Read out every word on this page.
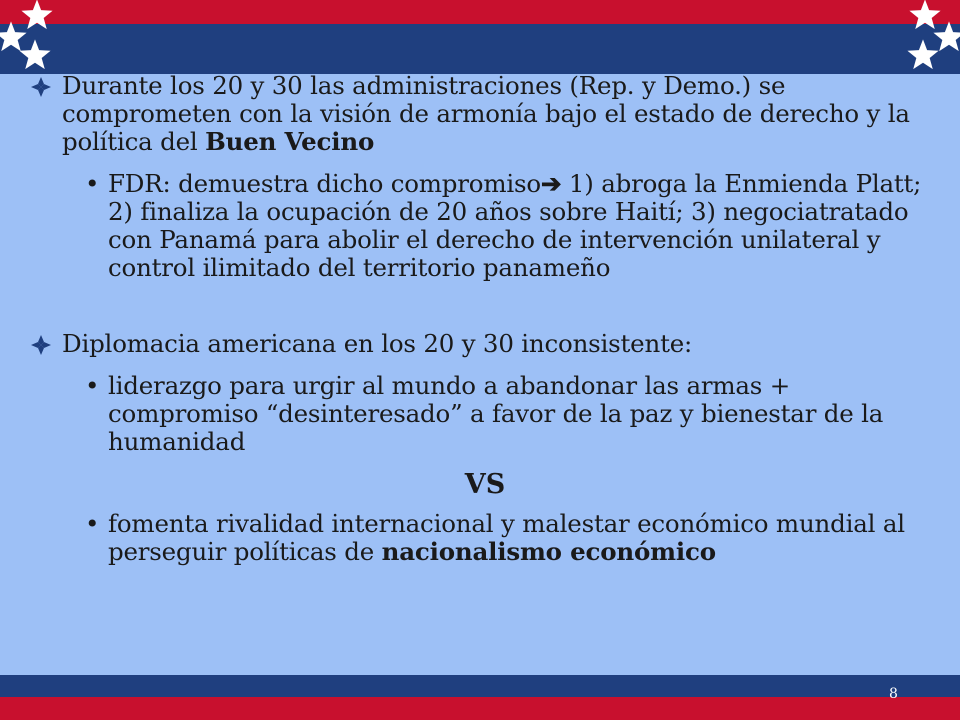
Durante los 20 y 30 las administraciones (Rep. y Demo.) se comprometen con la visión de armonía bajo el estado de derecho y la política del Buen Vecino
• FDR: demuestra dicho compromiso➔ 1) abroga la Enmienda Platt; 2) finaliza la ocupación de 20 años sobre Haití; 3) negociatratado con Panamá para abolir el derecho de intervención unilateral y control ilimitado del territorio panameño
Diplomacia americana en los 20 y 30 inconsistente:
• liderazgo para urgir al mundo a abandonar las armas + compromiso “desinteresado” a favor de la paz y bienestar de la humanidad
VS
• fomenta rivalidad internacional y malestar económico mundial al perseguir políticas de nacionalismo económico
8
